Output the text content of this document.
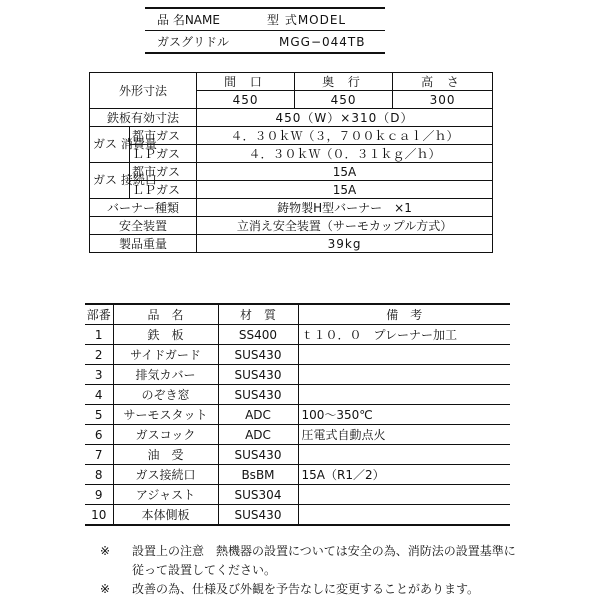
品 名NAME	型 式MODEL
ガスグリドル	MGG−044TB
外形寸法		間 口	奥 行	高 さ
		450	450	300
鉄板有効寸法		450（W）×310（D）		
ガス 消費量	都市ガス	４．３０ｋＷ（３，７００ｋｃａｌ／ｈ）		
	ＬＰガス	４．３０ｋＷ（０．３１ｋｇ／ｈ）		
ガス 接続口	都市ガス	15A		
	ＬＰガス	15A		
バーナー種類		鋳物製H型バーナー　×1		
安全装置		立消え安全装置（サーモカップル方式）		
製品重量		39kg		
部番	品　名	材　質	備　考
1	鉄　板	SS400	ｔ１０．０　プレーナー加工
2	サイドガード	SUS430	
3	排気カバー	SUS430	
4	のぞき窓	SUS430	
5	サーモスタット	ADC	100〜350℃
6	ガスコック	ADC	圧電式自動点火
7	油　受	SUS430	
8	ガス接続口	BsBM	15A（R1／2）
9	アジャスト	SUS304	
10	本体側板	SUS430	
※	設置上の注意　熱機器の設置については安全の為、消防法の設置基準に従って設置してください。
※	改善の為、仕様及び外観を予告なしに変更することがあります。
